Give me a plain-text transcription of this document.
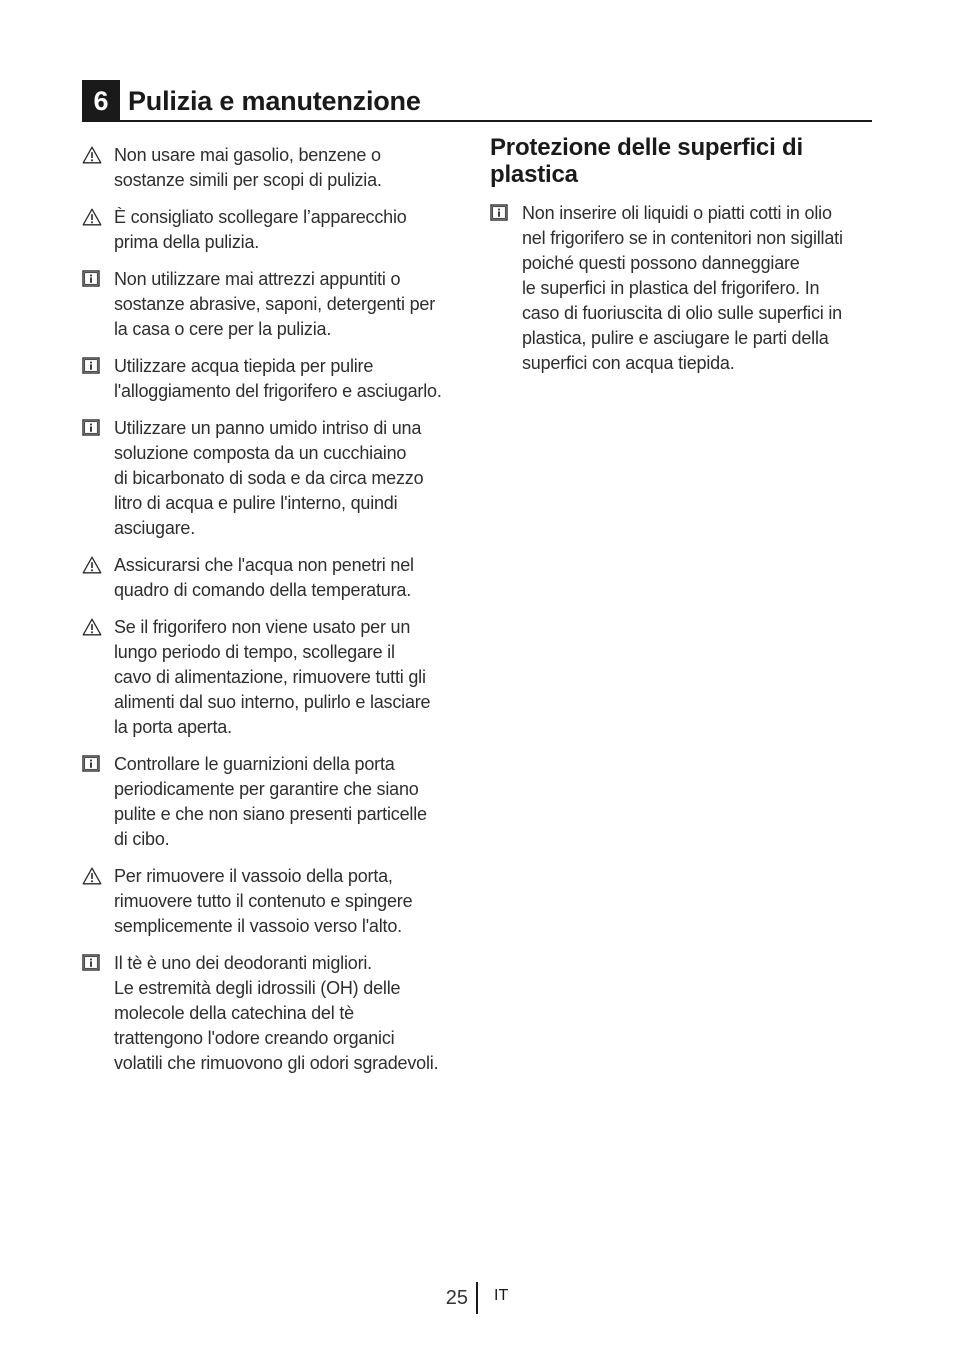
6 Pulizia e manutenzione
Non usare mai gasolio, benzene o
sostanze simili per scopi di pulizia.
È consigliato scollegare l’apparecchio
prima della pulizia.
Non utilizzare mai attrezzi appuntiti o
sostanze abrasive, saponi, detergenti per
la casa o cere per la pulizia.
Utilizzare acqua tiepida per pulire
l'alloggiamento del frigorifero e asciugarlo.
Utilizzare un panno umido intriso di una
soluzione composta da un cucchiaino
di bicarbonato di soda e da circa mezzo
litro di acqua e pulire l'interno, quindi
asciugare.
Assicurarsi che l'acqua non penetri nel
quadro di comando della temperatura.
Se il frigorifero non viene usato per un
lungo periodo di tempo, scollegare il
cavo di alimentazione, rimuovere tutti gli
alimenti dal suo interno, pulirlo e lasciare
la porta aperta.
Controllare le guarnizioni della porta
periodicamente per garantire che siano
pulite e che non siano presenti particelle
di cibo.
Per rimuovere il vassoio della porta,
rimuovere tutto il contenuto e spingere
semplicemente il vassoio verso l'alto.
Il tè è uno dei deodoranti migliori.
Le estremità degli idrossili (OH) delle
molecole della catechina del tè
trattengono l'odore creando organici
volatili che rimuovono gli odori sgradevoli.
Protezione delle superfici di
plastica
Non inserire oli liquidi o piatti cotti in olio
nel frigorifero se in contenitori non sigillati
poiché questi possono danneggiare
le superfici in plastica del frigorifero. In
caso di fuoriuscita di olio sulle superfici in
plastica, pulire e asciugare le parti della
superfici con acqua tiepida.
25 IT
